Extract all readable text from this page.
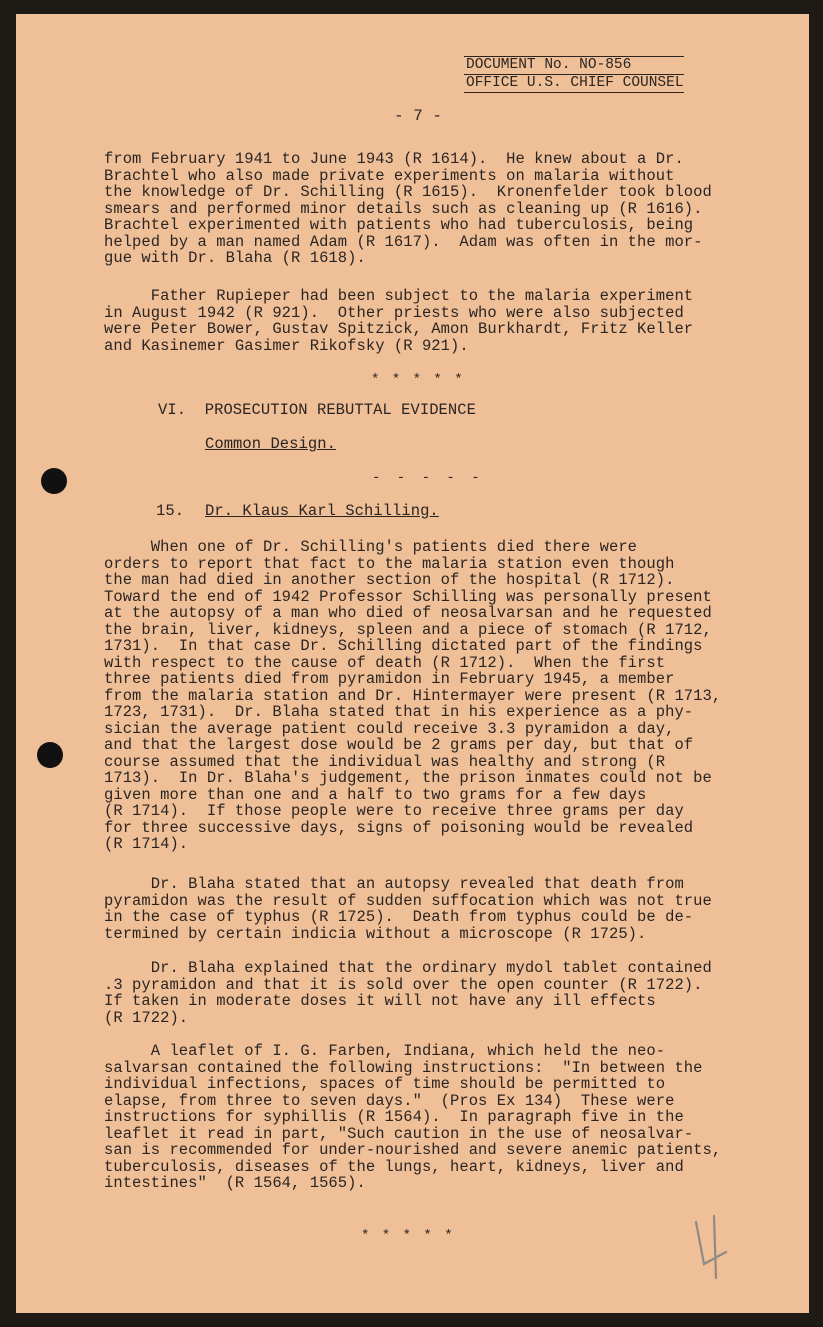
DOCUMENT No. NO-856
OFFICE U.S. CHIEF COUNSEL
- 7 -
from February 1941 to June 1943 (R 1614).  He knew about a Dr.
Brachtel who also made private experiments on malaria without
the knowledge of Dr. Schilling (R 1615).  Kronenfelder took blood
smears and performed minor details such as cleaning up (R 1616).
Brachtel experimented with patients who had tuberculosis, being
helped by a man named Adam (R 1617).  Adam was often in the mor-
gue with Dr. Blaha (R 1618).
Father Rupieper had been subject to the malaria experiment
in August 1942 (R 921).  Other priests who were also subjected
were Peter Bower, Gustav Spitzick, Amon Burkhardt, Fritz Keller
and Kasinemer Gasimer Rikofsky (R 921).
* * * * *
VI.  PROSECUTION REBUTTAL EVIDENCE
Common Design.
- - - - -
15.	Dr. Klaus Karl Schilling.
When one of Dr. Schilling's patients died there were
orders to report that fact to the malaria station even though
the man had died in another section of the hospital (R 1712).
Toward the end of 1942 Professor Schilling was personally present
at the autopsy of a man who died of neosalvarsan and he requested
the brain, liver, kidneys, spleen and a piece of stomach (R 1712,
1731).  In that case Dr. Schilling dictated part of the findings
with respect to the cause of death (R 1712).  When the first
three patients died from pyramidon in February 1945, a member
from the malaria station and Dr. Hintermayer were present (R 1713,
1723, 1731).  Dr. Blaha stated that in his experience as a phy-
sician the average patient could receive 3.3 pyramidon a day,
and that the largest dose would be 2 grams per day, but that of
course assumed that the individual was healthy and strong (R
1713).  In Dr. Blaha's judgement, the prison inmates could not be
given more than one and a half to two grams for a few days
(R 1714).  If those people were to receive three grams per day
for three successive days, signs of poisoning would be revealed
(R 1714).
Dr. Blaha stated that an autopsy revealed that death from
pyramidon was the result of sudden suffocation which was not true
in the case of typhus (R 1725).  Death from typhus could be de-
termined by certain indicia without a microscope (R 1725).
Dr. Blaha explained that the ordinary mydol tablet contained
.3 pyramidon and that it is sold over the open counter (R 1722).
If taken in moderate doses it will not have any ill effects
(R 1722).
A leaflet of I. G. Farben, Indiana, which held the neo-
salvarsan contained the following instructions:  "In between the
individual infections, spaces of time should be permitted to
elapse, from three to seven days."  (Pros Ex 134)  These were
instructions for syphillis (R 1564).  In paragraph five in the
leaflet it read in part, "Such caution in the use of neosalvar-
san is recommended for under-nourished and severe anemic patients,
tuberculosis, diseases of the lungs, heart, kidneys, liver and
intestines"  (R 1564, 1565).
* * * * *
